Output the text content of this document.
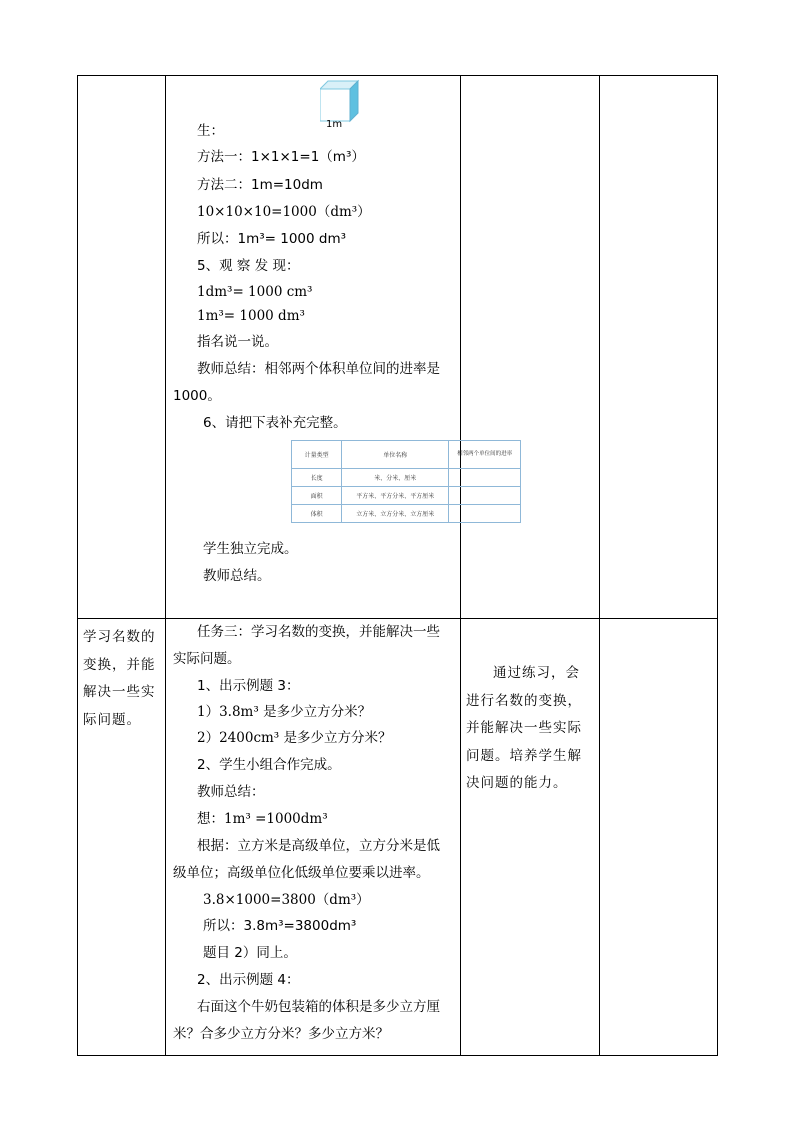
1m
生：
方法一：1×1×1=1（m³）
方法二：1m=10dm
10×10×10=1000（dm³）
所以：1m³= 1000 dm³
5、观 察 发 现：
1dm³= 1000 cm³
1m³= 1000 dm³
指名说一说。
教师总结：相邻两个体积单位间的进率是
1000。
6、请把下表补充完整。
计量类型	单位名称	相邻两个单位间的进率
长度	米、分米、厘米	
面积	平方米、平方分米、平方厘米	
体积	立方米、立方分米、立方厘米	
学生独立完成。
教师总结。
学习名数的变换，并能解决一些实际问题。
任务三：学习名数的变换，并能解决一些
实际问题。
1、出示例题 3：
1）3.8m³ 是多少立方分米？
2）2400cm³ 是多少立方分米？
2、学生小组合作完成。
教师总结：
想：1m³ =1000dm³
根据：立方米是高级单位，立方分米是低
级单位；高级单位化低级单位要乘以进率。
3.8×1000=3800（dm³）
所以：3.8m³=3800dm³
题目 2）同上。
2、出示例题 4：
右面这个牛奶包装箱的体积是多少立方厘
米？合多少立方分米？多少立方米？
通过练习，会进行名数的变换，并能解决一些实际问题。培养学生解决问题的能力。
